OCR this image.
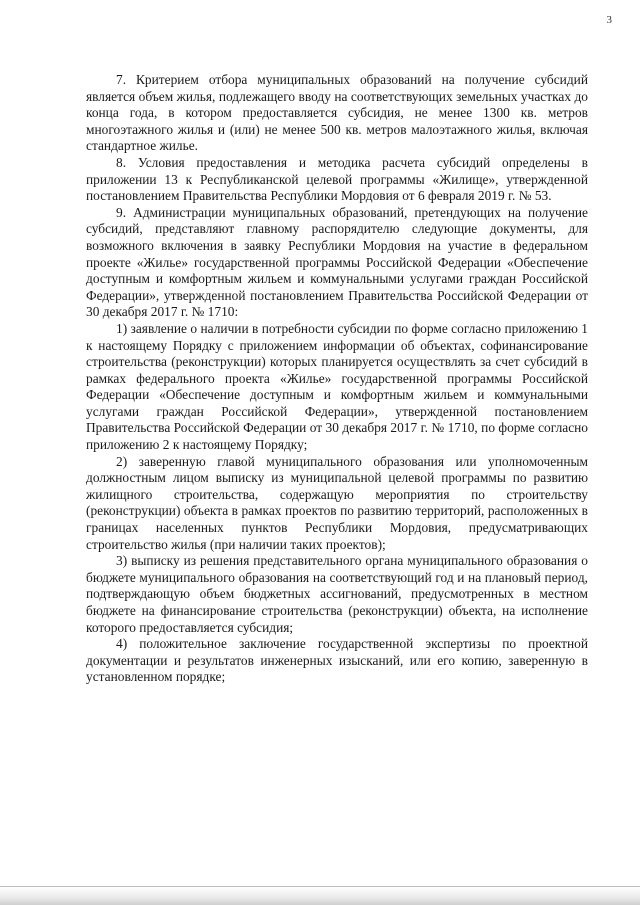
3

7. Критерием отбора муниципальных образований на получение субсидий является объем жилья, подлежащего вводу на соответствующих земельных участках до конца года, в котором предоставляется субсидия, не менее 1300 кв. метров многоэтажного жилья и (или) не менее 500 кв. метров малоэтажного жилья, включая стандартное жилье.

8. Условия предоставления и методика расчета субсидий определены в приложении 13 к Республиканской целевой программы «Жилище», утвержденной постановлением Правительства Республики Мордовия от 6 февраля 2019 г. № 53.

9. Администрации муниципальных образований, претендующих на получение субсидий, представляют главному распорядителю следующие документы, для возможного включения в заявку Республики Мордовия на участие в федеральном проекте «Жилье» государственной программы Российской Федерации «Обеспечение доступным и комфортным жильем и коммунальными услугами граждан Российской Федерации», утвержденной постановлением Правительства Российской Федерации от 30 декабря 2017 г. № 1710:

1) заявление о наличии в потребности субсидии по форме согласно приложению 1 к настоящему Порядку с приложением информации об объектах, софинансирование строительства (реконструкции) которых планируется осуществлять за счет субсидий в рамках федерального проекта «Жилье» государственной программы Российской Федерации «Обеспечение доступным и комфортным жильем и коммунальными услугами граждан Российской Федерации», утвержденной постановлением Правительства Российской Федерации от 30 декабря 2017 г. № 1710, по форме согласно приложению 2 к настоящему Порядку;

2) заверенную главой муниципального образования или уполномоченным должностным лицом выписку из муниципальной целевой программы по развитию жилищного строительства, содержащую мероприятия по строительству (реконструкции) объекта в рамках проектов по развитию территорий, расположенных в границах населенных пунктов Республики Мордовия, предусматривающих строительство жилья (при наличии таких проектов);

3) выписку из решения представительного органа муниципального образования о бюджете муниципального образования на соответствующий год и на плановый период, подтверждающую объем бюджетных ассигнований, предусмотренных в местном бюджете на финансирование строительства (реконструкции) объекта, на исполнение которого предоставляется субсидия;

4) положительное заключение государственной экспертизы по проектной документации и результатов инженерных изысканий, или его копию, заверенную в установленном порядке;
